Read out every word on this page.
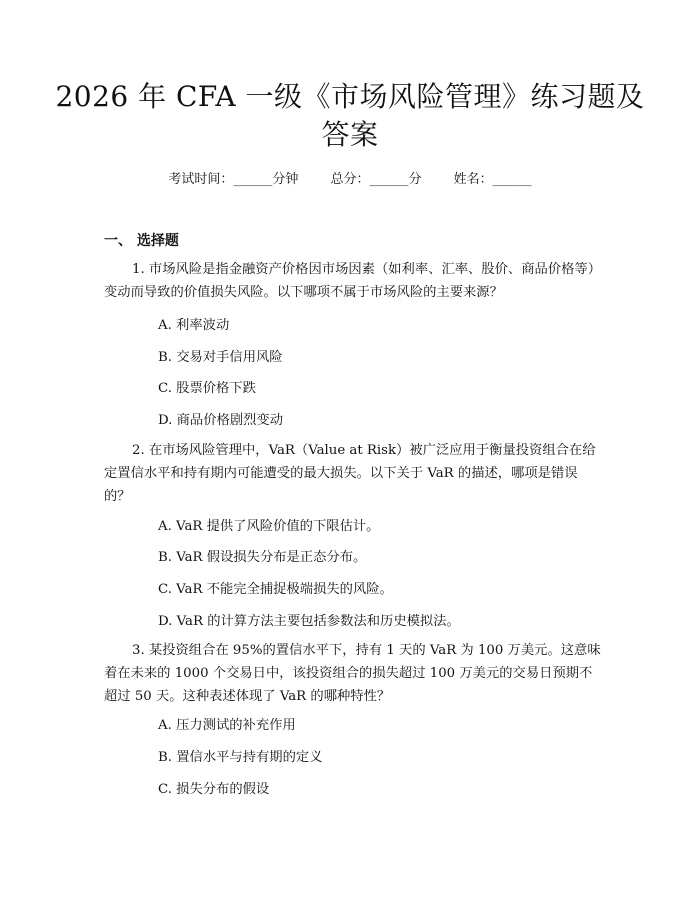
2026 年 CFA 一级《市场风险管理》练习题及
答案
考试时间：______分钟 总分：______分 姓名：______
一、 选择题
1. 市场风险是指金融资产价格因市场因素（如利率、汇率、股价、商品价格等）变动而导致的价值损失风险。以下哪项不属于市场风险的主要来源？
A. 利率波动
B. 交易对手信用风险
C. 股票价格下跌
D. 商品价格剧烈变动
2. 在市场风险管理中，VaR（Value at Risk）被广泛应用于衡量投资组合在给定置信水平和持有期内可能遭受的最大损失。以下关于 VaR 的描述，哪项是错误的？
A. VaR 提供了风险价值的下限估计。
B. VaR 假设损失分布是正态分布。
C. VaR 不能完全捕捉极端损失的风险。
D. VaR 的计算方法主要包括参数法和历史模拟法。
3. 某投资组合在 95%的置信水平下，持有 1 天的 VaR 为 100 万美元。这意味着在未来的 1000 个交易日中，该投资组合的损失超过 100 万美元的交易日预期不超过 50 天。这种表述体现了 VaR 的哪种特性？
A. 压力测试的补充作用
B. 置信水平与持有期的定义
C. 损失分布的假设
